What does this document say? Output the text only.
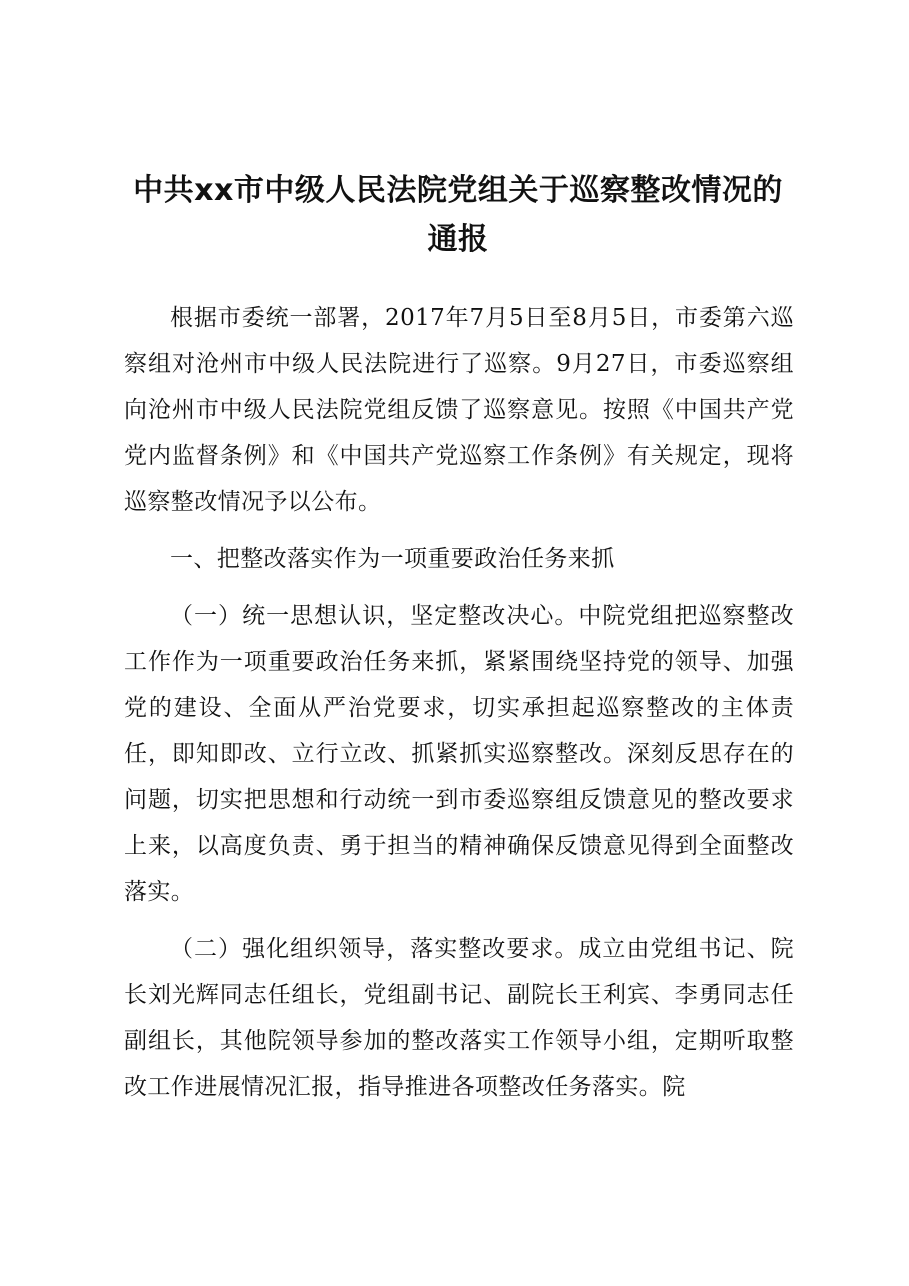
中共xx市中级人民法院党组关于巡察整改情况的通报

根据市委统一部署，2017年7月5日至8月5日，市委第六巡察组对沧州市中级人民法院进行了巡察。9月27日，市委巡察组向沧州市中级人民法院党组反馈了巡察意见。按照《中国共产党党内监督条例》和《中国共产党巡察工作条例》有关规定，现将巡察整改情况予以公布。

一、把整改落实作为一项重要政治任务来抓

（一）统一思想认识，坚定整改决心。中院党组把巡察整改工作作为一项重要政治任务来抓，紧紧围绕坚持党的领导、加强党的建设、全面从严治党要求，切实承担起巡察整改的主体责任，即知即改、立行立改、抓紧抓实巡察整改。深刻反思存在的问题，切实把思想和行动统一到市委巡察组反馈意见的整改要求上来，以高度负责、勇于担当的精神确保反馈意见得到全面整改落实。

（二）强化组织领导，落实整改要求。成立由党组书记、院长刘光辉同志任组长，党组副书记、副院长王利宾、李勇同志任副组长，其他院领导参加的整改落实工作领导小组，定期听取整改工作进展情况汇报，指导推进各项整改任务落实。院
